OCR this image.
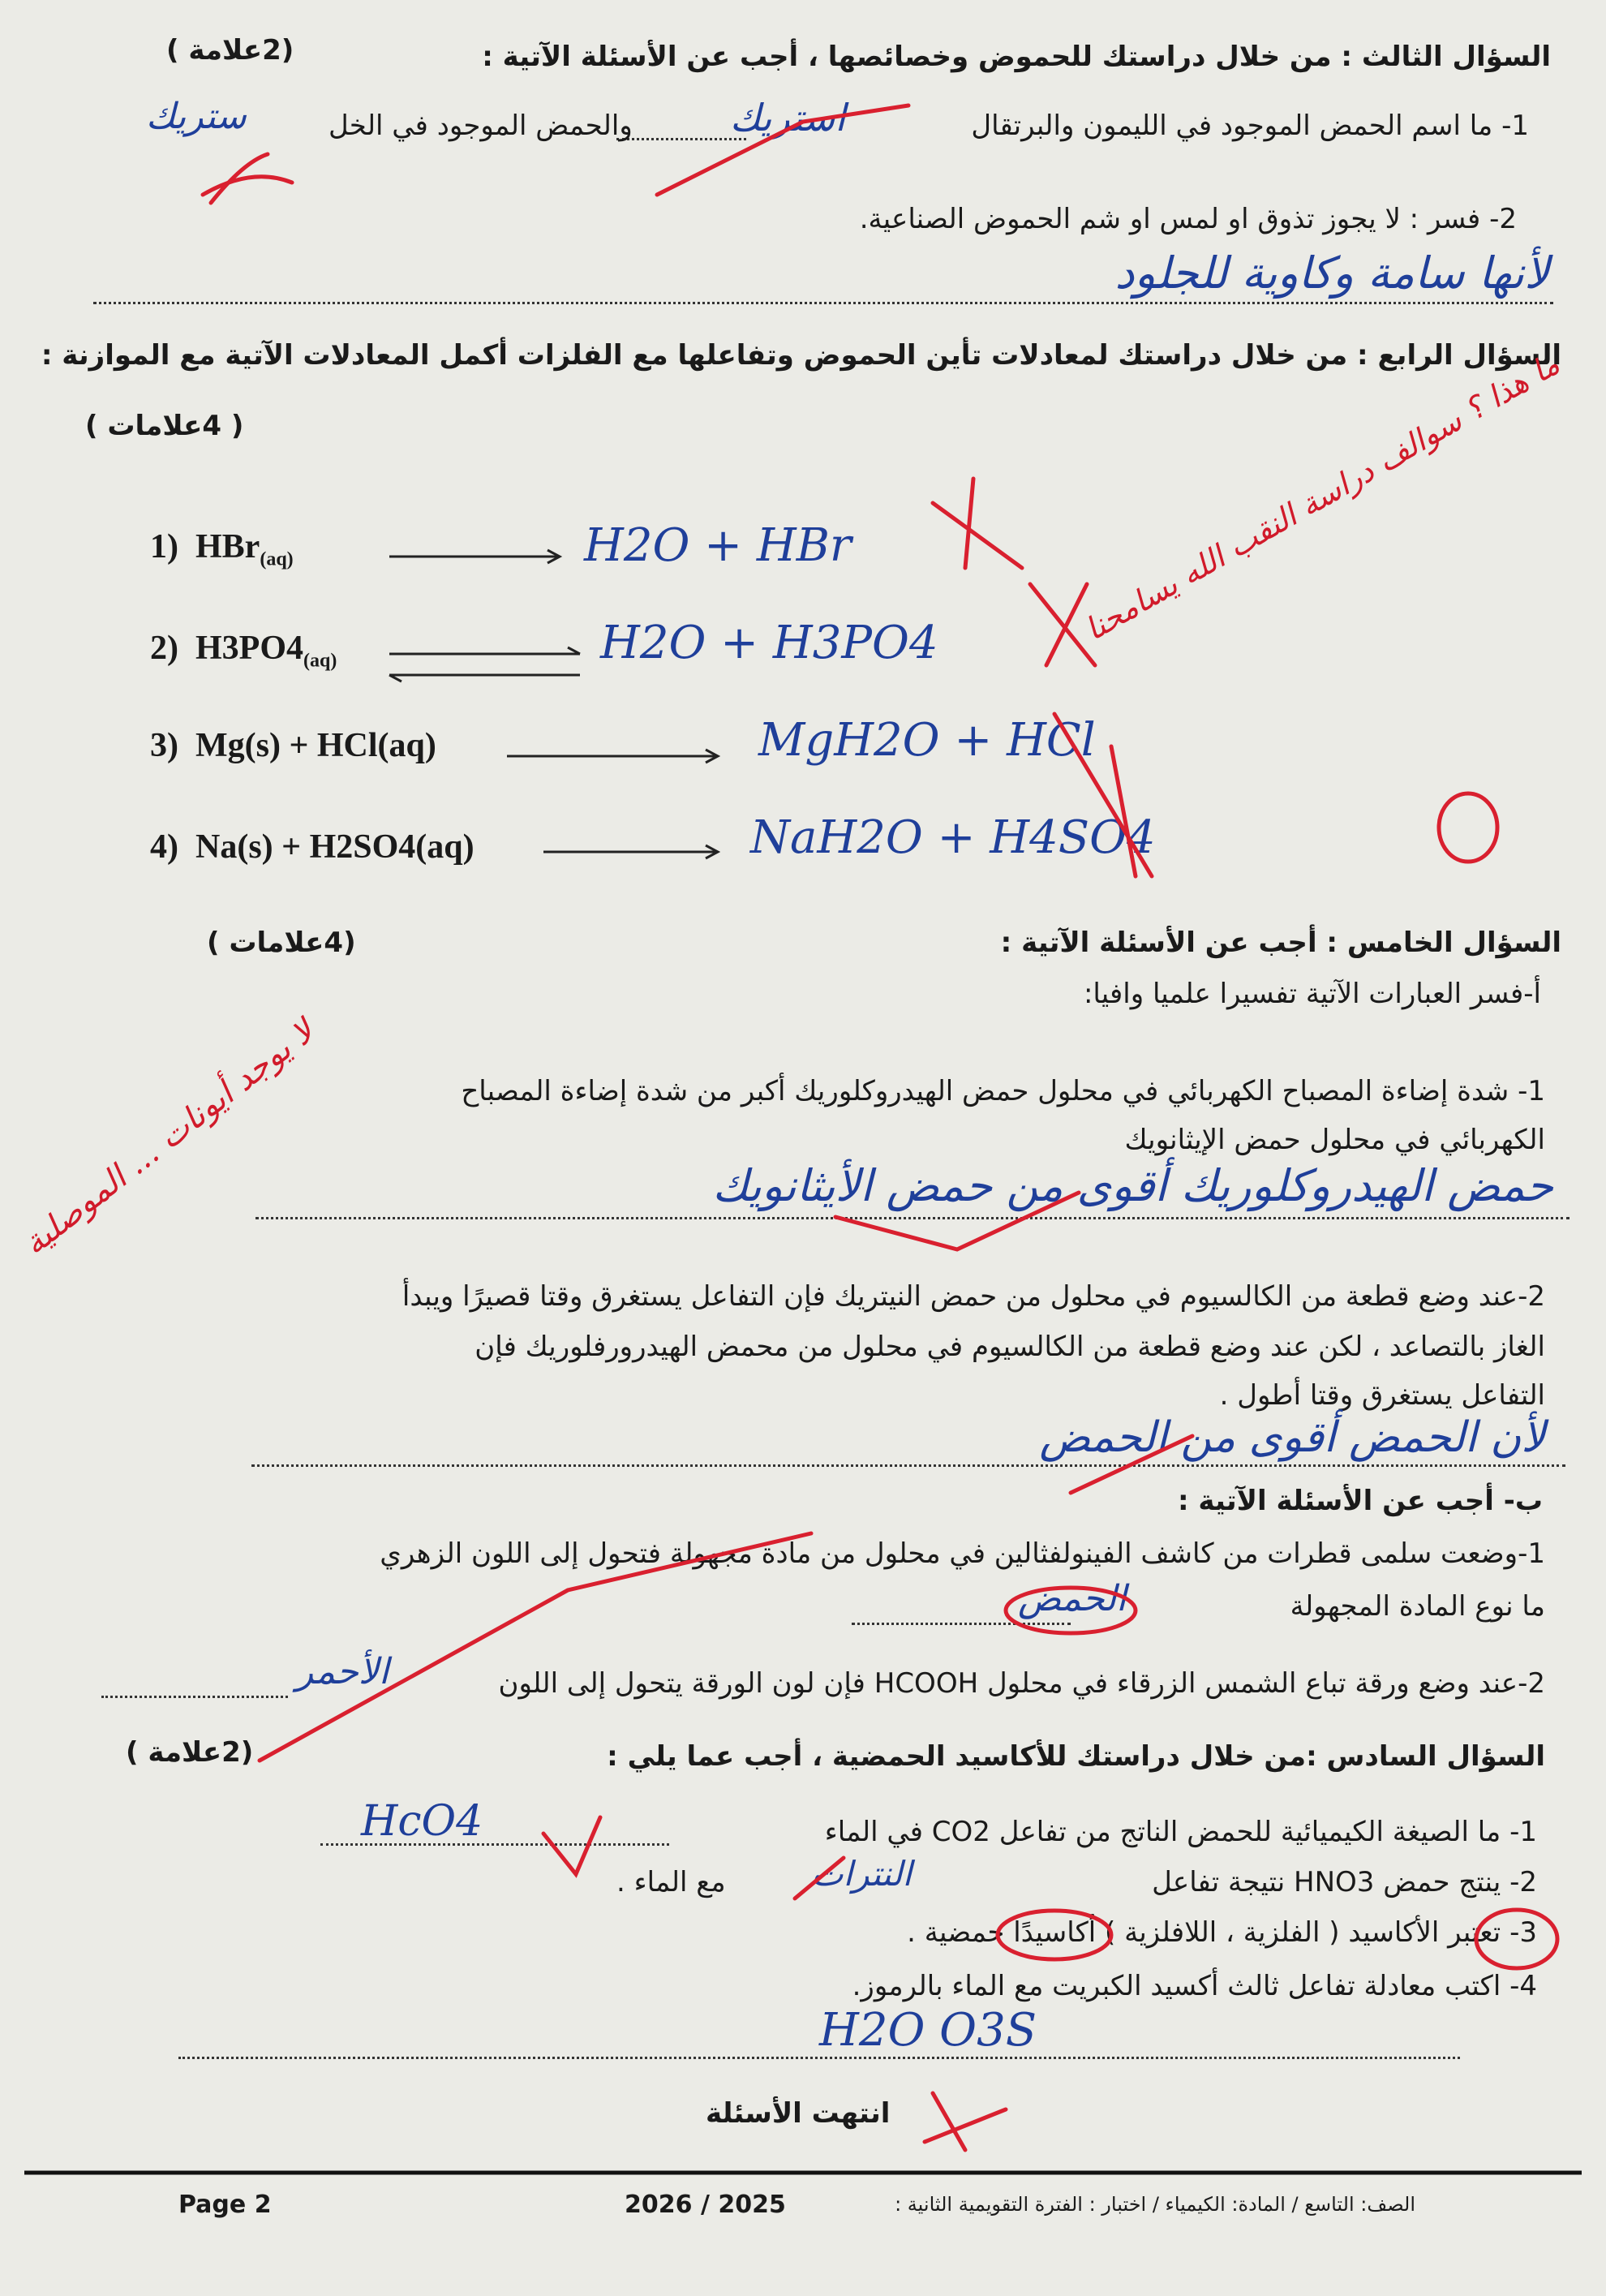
السؤال الثالث : من خلال دراستك للحموض وخصائصها ، أجب عن الأسئلة الآتية :
(2علامة )
1- ما اسم الحمض الموجود في الليمون والبرتقال
استريك
والحمض الموجود في الخل
ستريك
2- فسر : لا يجوز تذوق او لمس او شم الحموض الصناعية.
لأنها سامة وكاوية للجلود
السؤال الرابع : من خلال دراستك لمعادلات تأين الحموض وتفاعلها مع الفلزات أكمل المعادلات الآتية مع الموازنة :
( 4علامات )
1) HBr$_{(aq)}$	H2O + HBr
2) $H3PO4_{(aq)}$	H2O + H3PO4
3) Mg(s) + HCl(aq)	MgH2O + HCl
4) Na(s) + H2SO4(aq)	NaH2O + H4SO4
ما هذا ؟ سوالف دراسة النقب الله يسامحنا
السؤال الخامس : أجب عن الأسئلة الآتية :
(4علامات )
أ-فسر العبارات الآتية تفسيرا علميا وافيا:
1- شدة إضاءة المصباح الكهربائي في محلول حمض الهيدروكلوريك أكبر من شدة إضاءة المصباح
الكهربائي في محلول حمض الإيثانويك
حمض الهيدروكلوريك أقوى من حمض الأيثانويك
لا يوجد أيونات ... الموصلية
2-عند وضع قطعة من الكالسيوم في محلول من حمض النيتريك فإن التفاعل يستغرق وقتا قصيرًا ويبدأ
الغاز بالتصاعد ، لكن عند وضع قطعة من الكالسيوم في محلول من محمض الهيدرورفلوريك فإن
التفاعل يستغرق وقتا أطول .
لأن الحمض أقوى من الحمض
ب- أجب عن الأسئلة الآتية :
1-وضعت سلمى قطرات من كاشف الفينولفثالين في محلول من مادة مجهولة فتحول إلى اللون الزهري
ما نوع المادة المجهولة
الحمض
2-عند وضع ورقة تباع الشمس الزرقاء في محلول HCOOH فإن لون الورقة يتحول إلى اللون
الأحمر
السؤال السادس :من خلال دراستك للأكاسيد الحمضية ، أجب عما يلي :
(2علامة )
1- ما الصيغة الكيميائية للحمض الناتج من تفاعل CO2 في الماء
HcO4
2- ينتج حمض HNO3 نتيجة تفاعل
مع الماء .	النترات
3- تعتبر الأكاسيد ( الفلزية ، اللافلزية ) أكاسيدًا حمضية .
4- اكتب معادلة تفاعل ثالث أكسيد الكبريت مع الماء بالرموز.
H2O O3S
انتهت الأسئلة
Page 2	2026 / 2025	الصف: التاسع / المادة: الكيمياء / اختبار : الفترة التقويمية الثانية :
